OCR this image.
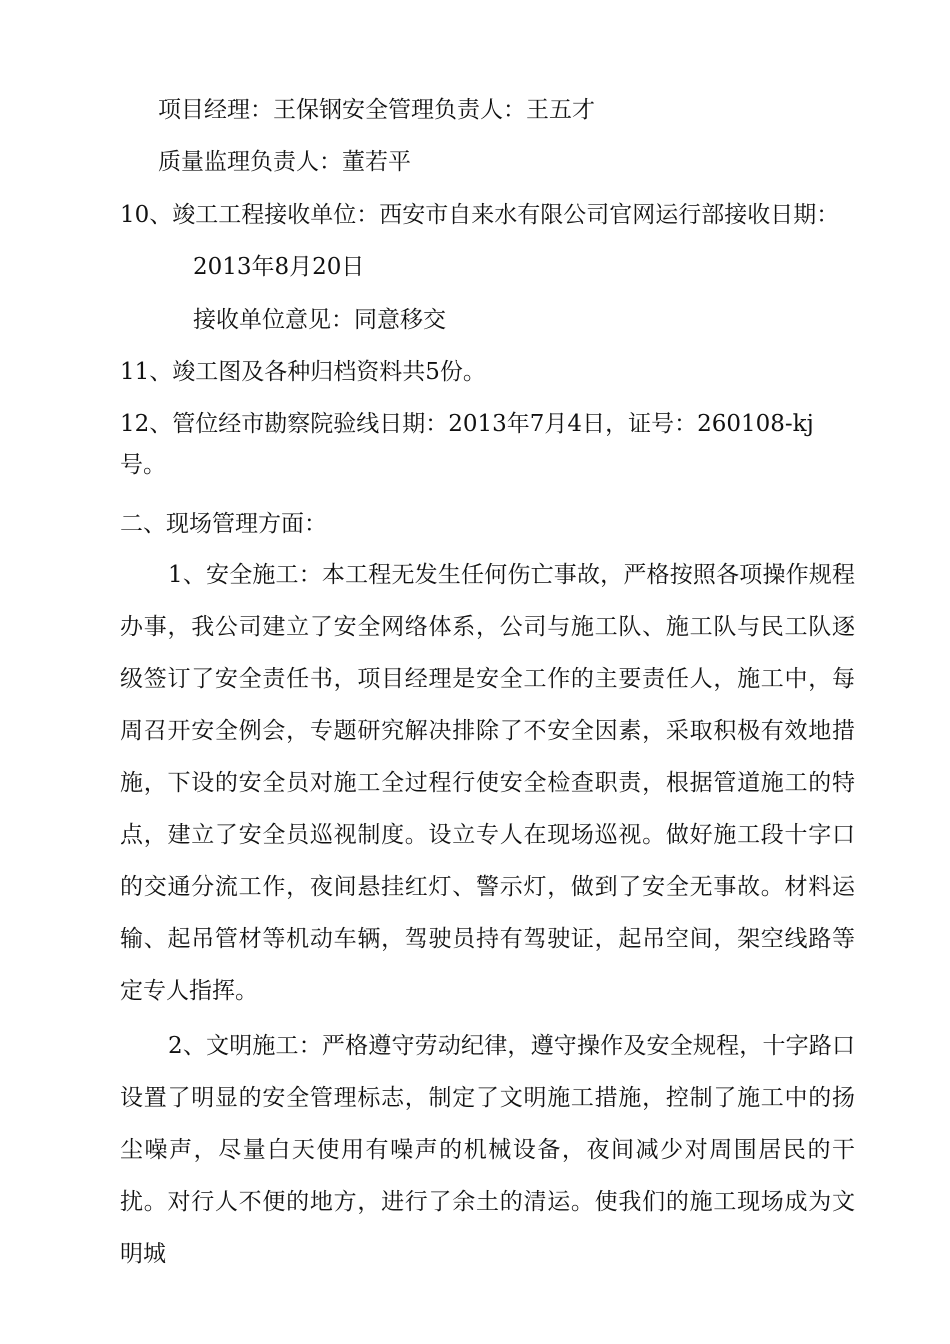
项目经理：王保钢安全管理负责人：王五才
质量监理负责人：董若平
10、竣工工程接收单位：西安市自来水有限公司官网运行部接收日期：
2013年8月20日
接收单位意见：同意移交
11、竣工图及各种归档资料共5份。
12、管位经市勘察院验线日期：2013年7月4日，证号：260108-kj
号。
二、现场管理方面：
1、安全施工：本工程无发生任何伤亡事故，严格按照各项操作规程办事，我公司建立了安全网络体系，公司与施工队、施工队与民工队逐级签订了安全责任书，项目经理是安全工作的主要责任人，施工中，每周召开安全例会，专题研究解决排除了不安全因素，采取积极有效地措施，下设的安全员对施工全过程行使安全检查职责，根据管道施工的特点，建立了安全员巡视制度。设立专人在现场巡视。做好施工段十字口的交通分流工作，夜间悬挂红灯、警示灯，做到了安全无事故。材料运输、起吊管材等机动车辆，驾驶员持有驾驶证，起吊空间，架空线路等定专人指挥。
2、文明施工：严格遵守劳动纪律，遵守操作及安全规程，十字路口设置了明显的安全管理标志，制定了文明施工措施，控制了施工中的扬尘噪声，尽量白天使用有噪声的机械设备，夜间减少对周围居民的干扰。对行人不便的地方，进行了余土的清运。使我们的施工现场成为文明城
